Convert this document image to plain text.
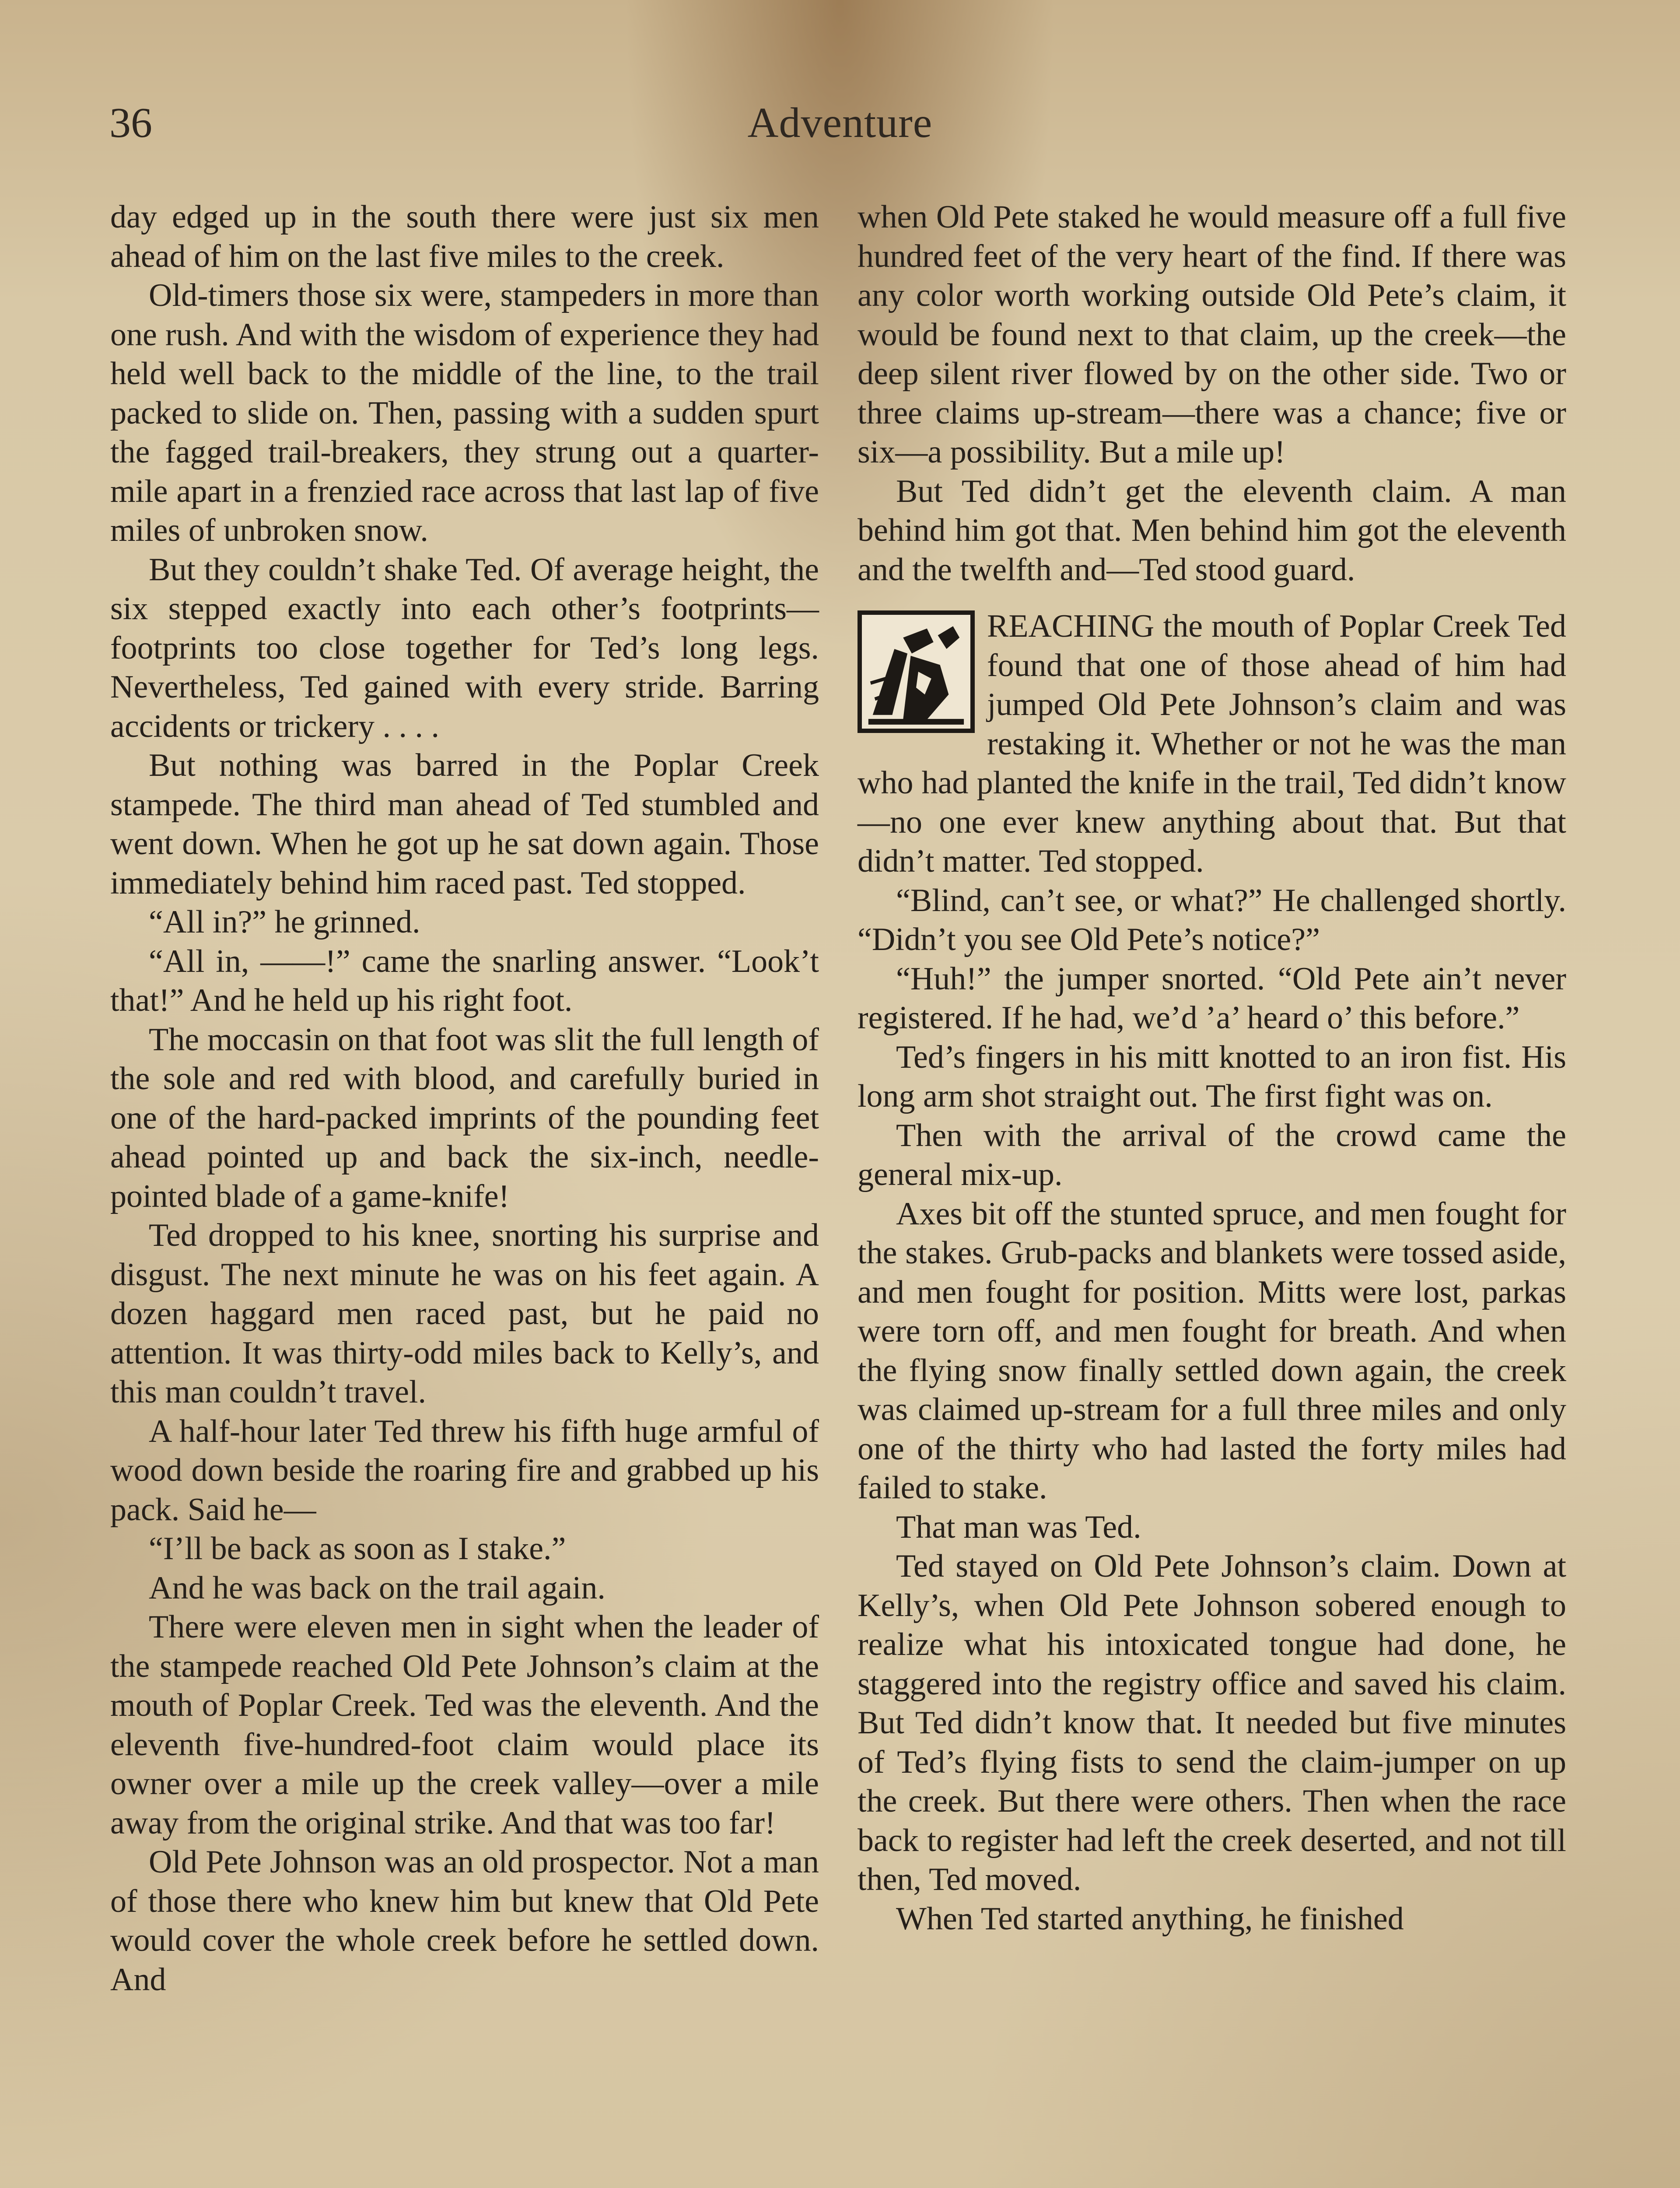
36	Adventure

day edged up in the south there were just six men ahead of him on the last five miles to the creek.

Old-timers those six were, stampeders in more than one rush. And with the wisdom of experience they had held well back to the middle of the line, to the trail packed to slide on. Then, passing with a sudden spurt the fagged trail-breakers, they strung out a quarter-mile apart in a frenzied race across that last lap of five miles of unbroken snow.

But they couldn’t shake Ted. Of average height, the six stepped exactly into each other’s footprints—footprints too close together for Ted’s long legs. Nevertheless, Ted gained with every stride. Barring accidents or trickery . . . .

But nothing was barred in the Poplar Creek stampede. The third man ahead of Ted stumbled and went down. When he got up he sat down again. Those immediately behind him raced past. Ted stopped.

“All in?” he grinned.

“All in, ——!” came the snarling answer. “Look’t that!” And he held up his right foot.

The moccasin on that foot was slit the full length of the sole and red with blood, and carefully buried in one of the hard-packed imprints of the pounding feet ahead pointed up and back the six-inch, needle-pointed blade of a game-knife!

Ted dropped to his knee, snorting his surprise and disgust. The next minute he was on his feet again. A dozen haggard men raced past, but he paid no attention. It was thirty-odd miles back to Kelly’s, and this man couldn’t travel.

A half-hour later Ted threw his fifth huge armful of wood down beside the roaring fire and grabbed up his pack. Said he—

“I’ll be back as soon as I stake.”

And he was back on the trail again.

There were eleven men in sight when the leader of the stampede reached Old Pete Johnson’s claim at the mouth of Poplar Creek. Ted was the eleventh. And the eleventh five-hundred-foot claim would place its owner over a mile up the creek valley—over a mile away from the original strike. And that was too far!

Old Pete Johnson was an old prospector. Not a man of those there who knew him but knew that Old Pete would cover the whole creek before he settled down. And

when Old Pete staked he would measure off a full five hundred feet of the very heart of the find. If there was any color worth working outside Old Pete’s claim, it would be found next to that claim, up the creek—the deep silent river flowed by on the other side. Two or three claims up-stream—there was a chance; five or six—a possibility. But a mile up!

But Ted didn’t get the eleventh claim. A man behind him got that. Men behind him got the eleventh and the twelfth and—Ted stood guard.

REACHING the mouth of Poplar Creek Ted found that one of those ahead of him had jumped Old Pete Johnson’s claim and was restaking it. Whether or not he was the man who had planted the knife in the trail, Ted didn’t know—no one ever knew anything about that. But that didn’t matter. Ted stopped.

“Blind, can’t see, or what?” He challenged shortly. “Didn’t you see Old Pete’s notice?”

“Huh!” the jumper snorted. “Old Pete ain’t never registered. If he had, we’d ’a’ heard o’ this before.”

Ted’s fingers in his mitt knotted to an iron fist. His long arm shot straight out. The first fight was on.

Then with the arrival of the crowd came the general mix-up.

Axes bit off the stunted spruce, and men fought for the stakes. Grub-packs and blankets were tossed aside, and men fought for position. Mitts were lost, parkas were torn off, and men fought for breath. And when the flying snow finally settled down again, the creek was claimed up-stream for a full three miles and only one of the thirty who had lasted the forty miles had failed to stake.

That man was Ted.

Ted stayed on Old Pete Johnson’s claim. Down at Kelly’s, when Old Pete Johnson sobered enough to realize what his intoxicated tongue had done, he staggered into the registry office and saved his claim. But Ted didn’t know that. It needed but five minutes of Ted’s flying fists to send the claim-jumper on up the creek. But there were others. Then when the race back to register had left the creek deserted, and not till then, Ted moved.

When Ted started anything, he finished
